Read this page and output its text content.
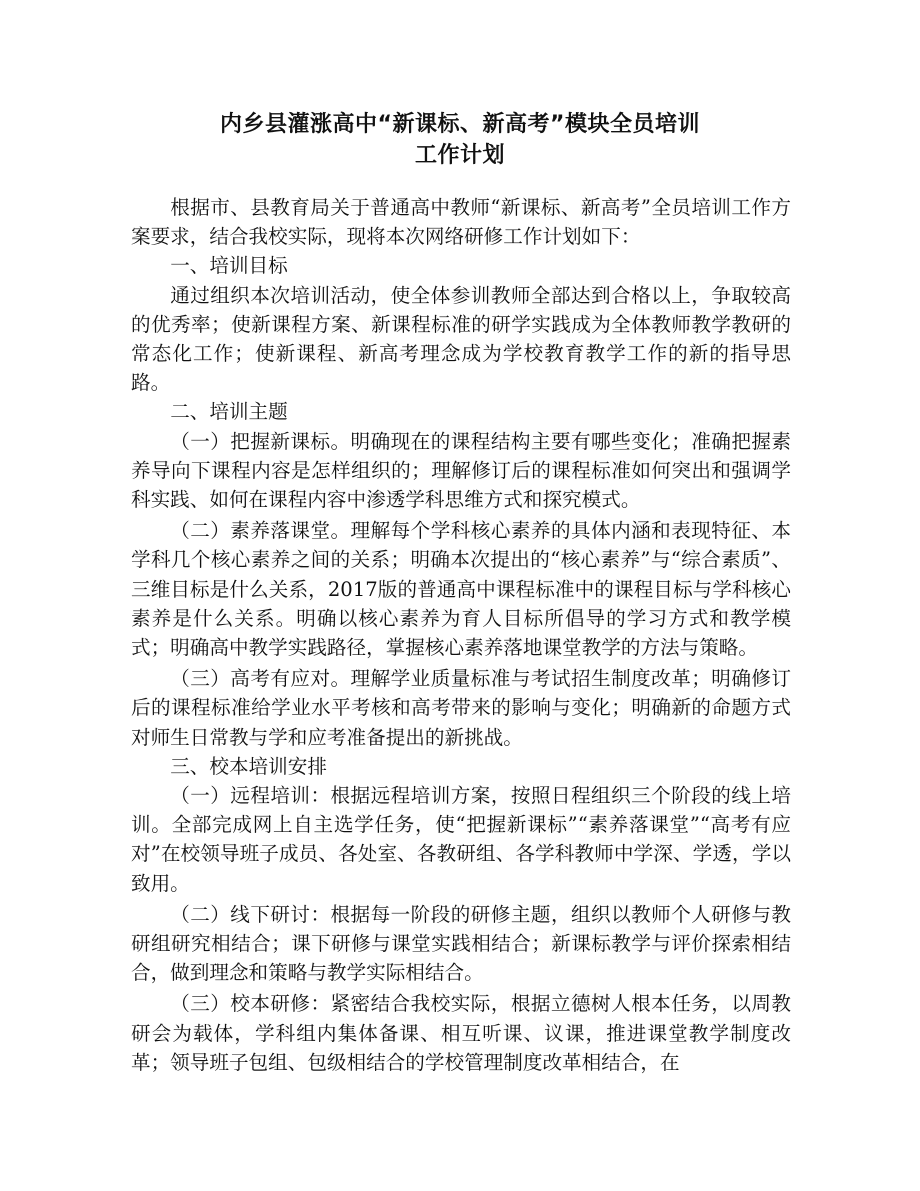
内乡县灌涨高中“新课标、新高考”模块全员培训
工作计划

根据市、县教育局关于普通高中教师“新课标、新高考”全员培训工作方案要求，结合我校实际，现将本次网络研修工作计划如下：

一、培训目标

通过组织本次培训活动，使全体参训教师全部达到合格以上，争取较高的优秀率；使新课程方案、新课程标准的研学实践成为全体教师教学教研的常态化工作；使新课程、新高考理念成为学校教育教学工作的新的指导思路。

二、培训主题

（一）把握新课标。明确现在的课程结构主要有哪些变化；准确把握素养导向下课程内容是怎样组织的；理解修订后的课程标准如何突出和强调学科实践、如何在课程内容中渗透学科思维方式和探究模式。

（二）素养落课堂。理解每个学科核心素养的具体内涵和表现特征、本学科几个核心素养之间的关系；明确本次提出的“核心素养”与“综合素质”、三维目标是什么关系，2017版的普通高中课程标准中的课程目标与学科核心素养是什么关系。明确以核心素养为育人目标所倡导的学习方式和教学模式；明确高中教学实践路径，掌握核心素养落地课堂教学的方法与策略。

（三）高考有应对。理解学业质量标准与考试招生制度改革；明确修订后的课程标准给学业水平考核和高考带来的影响与变化；明确新的命题方式对师生日常教与学和应考准备提出的新挑战。

三、校本培训安排

（一）远程培训：根据远程培训方案，按照日程组织三个阶段的线上培训。全部完成网上自主选学任务，使“把握新课标”“素养落课堂”“高考有应对”在校领导班子成员、各处室、各教研组、各学科教师中学深、学透，学以致用。

（二）线下研讨：根据每一阶段的研修主题，组织以教师个人研修与教研组研究相结合；课下研修与课堂实践相结合；新课标教学与评价探索相结合，做到理念和策略与教学实际相结合。

（三）校本研修：紧密结合我校实际，根据立德树人根本任务，以周教研会为载体，学科组内集体备课、相互听课、议课，推进课堂教学制度改革；领导班子包组、包级相结合的学校管理制度改革相结合，在
